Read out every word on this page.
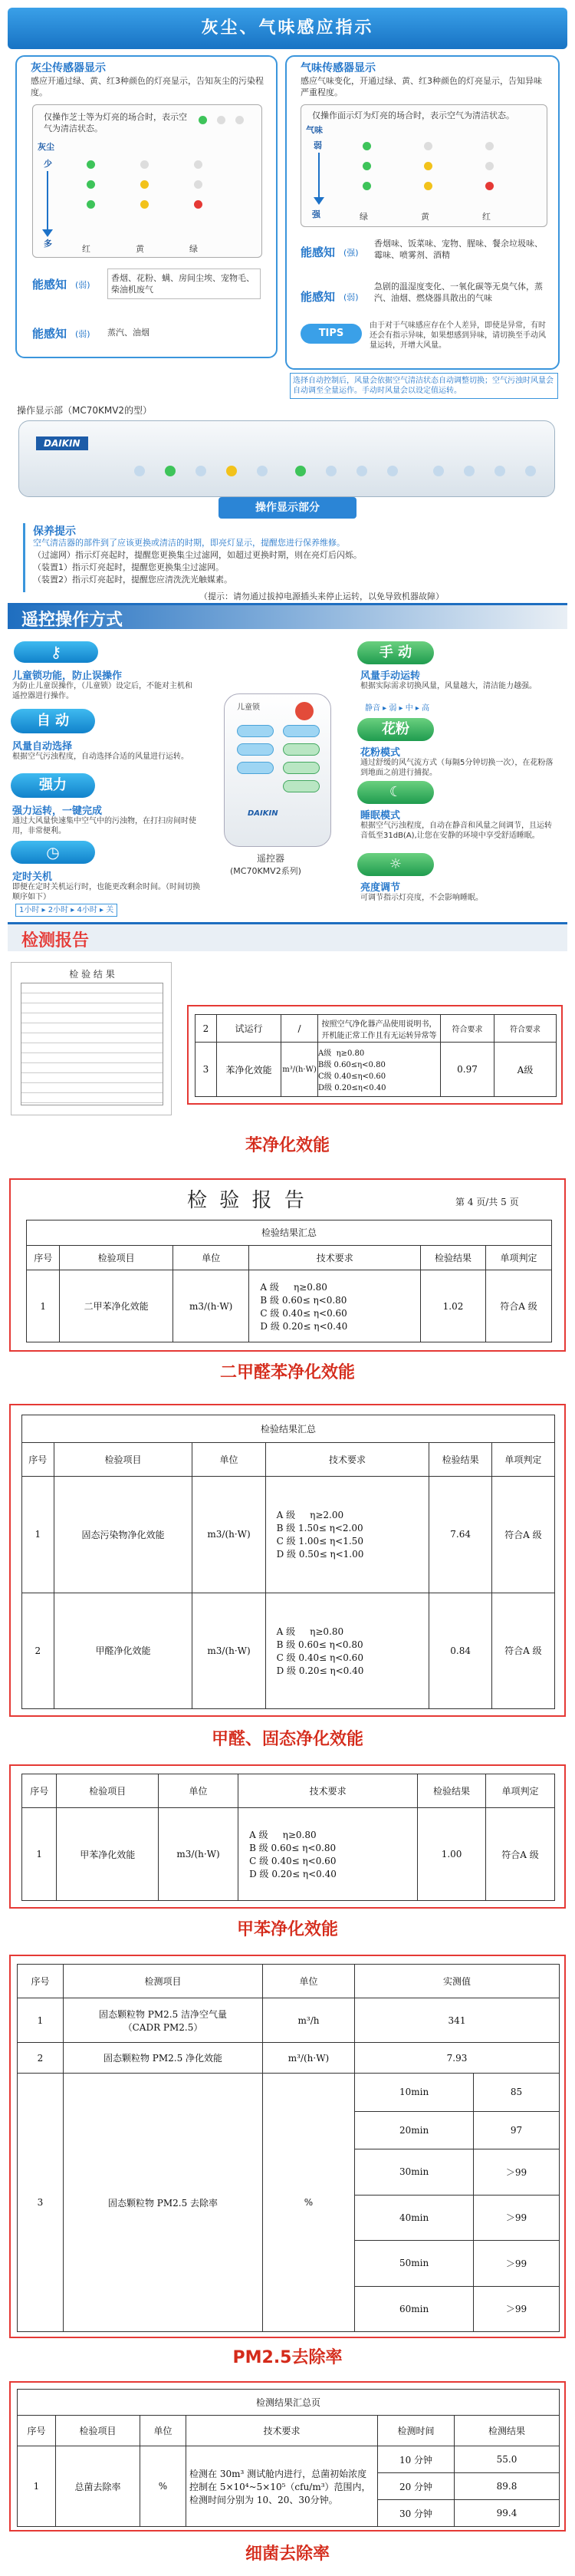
灰尘、气味感应指示
灰尘传感器显示
感应开通过绿、黄、红3种颜色的灯亮显示，告知灰尘的污染程度。
仅操作芝士等为灯亮的场合时，表示空气为清洁状态。
灰尘
少
多
红	黄	绿
能感知 (弱)
香烟、花粉、螨、房间尘埃、宠物毛、柴油机废气
能感知 (弱) 蒸汽、油烟
气味传感器显示
感应气味变化，开通过绿、黄、红3种颜色的灯亮显示，告知异味严重程度。
仅操作面示灯为灯亮的场合时，表示空气为清洁状态。
气味
弱
强	绿	黄	红
能感知 (强)
香烟味、饭菜味、宠物、腥味、餐余垃圾味、霉味、喷雾剂、酒精
能感知 (弱)
急剧的温湿度变化、一氧化碳等无臭气体，蒸汽、油烟、燃烧器具散出的气味
TIPS
由于对于气味感应存在个人差异，即使是异常，有时还会有指示异味，如果想感到异味，请切换至手动风量运转，开增大风量。
选择自动控制后，风量会依据空气清洁状态自动调整切换；空气污浊时风量会自动调至全量运作。手动时风量会以设定值运转。
操作显示部（MC70KMV2的型）
DAIKIN
操作显示部分
保养提示
空气清洁器的部件到了应该更换或清洁的时期，即亮灯显示，提醒您进行保养维修。
（过滤网）指示灯亮起时，提醒您更换集尘过滤网，如超过更换时期，则在亮灯后闪烁。
（装置1）指示灯亮起时，提醒您更换集尘过滤网。
（装置2）指示灯亮起时，提醒您应清洗洗光触媒素。
（提示：请勿通过拔掉电源插头来停止运转，以免导致机器故障）
遥控操作方式
⚷
儿童锁功能，防止误操作
为防止儿童误操作，（儿童锁）设定后，不能对主机和遥控器进行操作。
自 动
风量自动选择
根据空气污浊程度，自动选择合适的风量进行运转。
强力
强力运转，一键完成
通过大风量快速集中空气中的污浊物，在打扫房间时使用，非常便利。
◷
定时关机
即便在定时关机运行时，也能更改剩余时间。（时间切换顺序如下）
1小时 ▸ 2小时 ▸ 4小时 ▸ 关
儿童锁
DAIKIN
遥控器
(MC70KMV2系列)
手 动
风量手动运转
根据实际需求切换风量，风量越大，清洁能力越强。
静音 ▸ 弱 ▸ 中 ▸ 高
花粉
花粉模式
通过舒缓的风气流方式（每隔5分钟切换一次），在花粉落到地面之前进行捕捉。
☾
睡眠模式
根据空气污浊程度，自动在静音和风量之间调节，且运转音低至31dB(A),让您在安静的环境中享受舒适睡眠。
☼
亮度调节
可调节指示灯亮度，不会影响睡眠。
检测报告
检 验 结 果
2	试运行	/	按照空气净化器产品使用说明书，开机能正常工作且有无运转异常等	符合要求	符合要求
3	苯净化效能	m³/(h·W)	A级  η≥0.80
B级 0.60≤η<0.80
C级 0.40≤η<0.60
D级 0.20≤η<0.40	0.97	A级
苯净化效能
检 验 报 告	第 4 页/共 5 页
检验结果汇总					
序号	检验项目	单位	技术要求	检验结果	单项判定
1	二甲苯净化效能	m3/(h·W)	A 级     η≥0.80
B 级 0.60≤ η<0.80
C 级 0.40≤ η<0.60
D 级 0.20≤ η<0.40	1.02	符合A 级
二甲醛苯净化效能
检验结果汇总					
序号	检验项目	单位	技术要求	检验结果	单项判定
1	固态污染物净化效能	m3/(h·W)	A 级     η≥2.00
B 级 1.50≤ η<2.00
C 级 1.00≤ η<1.50
D 级 0.50≤ η<1.00	7.64	符合A 级
2	甲醛净化效能	m3/(h·W)	A 级     η≥0.80
B 级 0.60≤ η<0.80
C 级 0.40≤ η<0.60
D 级 0.20≤ η<0.40	0.84	符合A 级
甲醛、固态净化效能
序号	检验项目	单位	技术要求	检验结果	单项判定
1	甲苯净化效能	m3/(h·W)	A 级     η≥0.80
B 级 0.60≤ η<0.80
C 级 0.40≤ η<0.60
D 级 0.20≤ η<0.40	1.00	符合A 级
甲苯净化效能
序号	检测项目	单位	实测值	
1	固态颗粒物 PM2.5 洁净空气量
（CADR PM2.5）	m³/h	341	
2	固态颗粒物 PM2.5 净化效能	m³/(h·W)	7.93	
3	固态颗粒物 PM2.5 去除率	%	10min	85
			20min	97
			30min	＞99
			40min	＞99
			50min	＞99
			60min	＞99
PM2.5去除率
检测结果汇总页					
序号	检验项目	单位	技术要求	检测时间	检测结果
1	总菌去除率	%	检测在 30m³ 测试舱内进行，总菌初始浓度控制在 5×10⁴~5×10⁵（cfu/m³）范围内，检测时间分别为 10、20、30分钟。	10 分钟	55.0
				20 分钟	89.8
				30 分钟	99.4
细菌去除率
